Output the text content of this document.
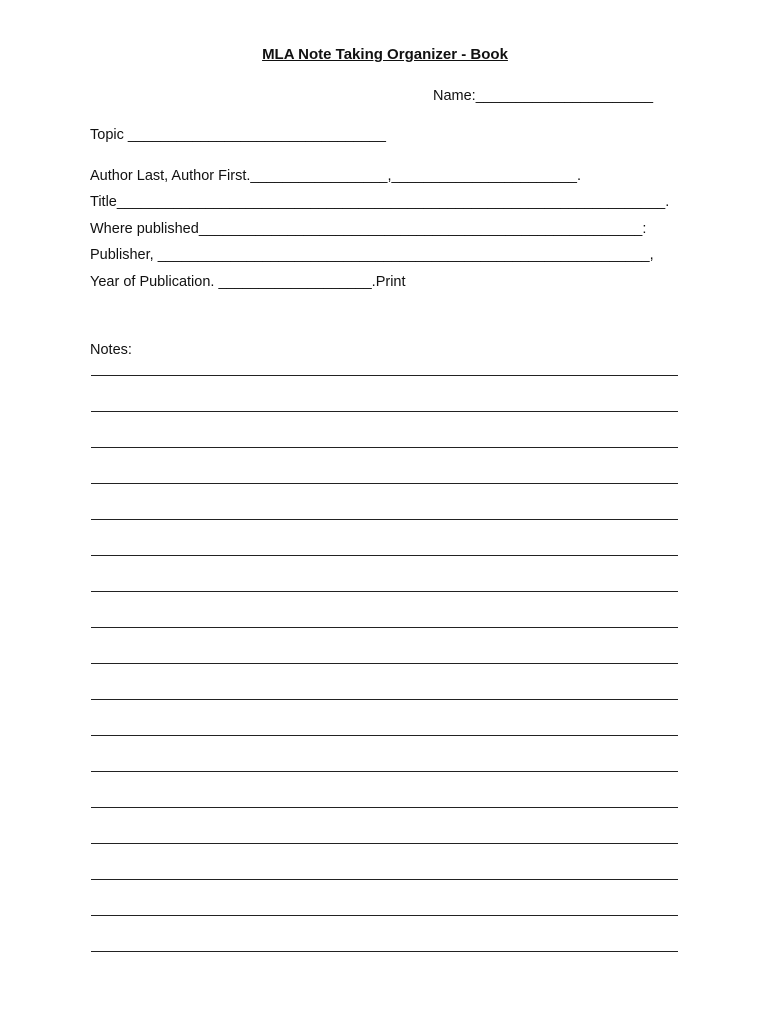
MLA Note Taking Organizer - Book
Name:______________________
Topic ________________________________
Author Last, Author First._________________,_______________________.
Title____________________________________________________________________.
Where published_______________________________________________________:
Publisher, _____________________________________________________________,
Year of Publication. ___________________.Print
Notes:
